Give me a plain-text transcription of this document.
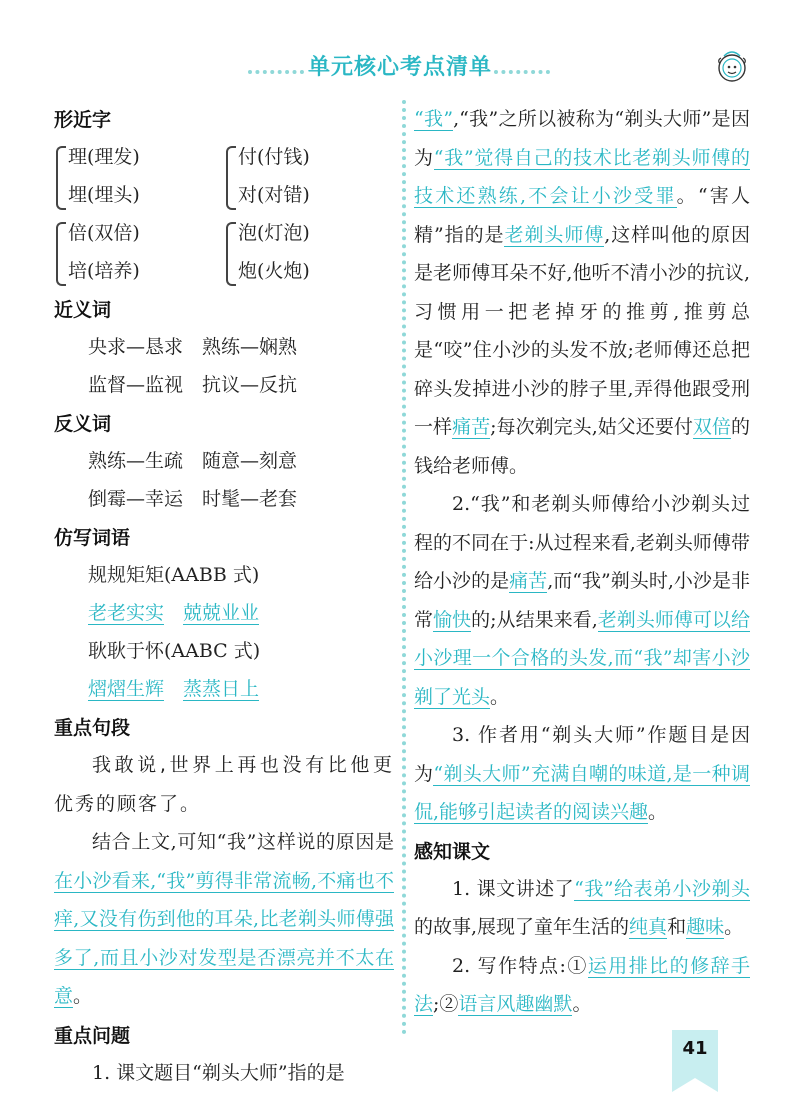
单元核心考点清单
形近字
理(理发)
埋(埋头)
付(付钱)
对(对错)
倍(双倍)
培(培养)
泡(灯泡)
炮(火炮)
近义词
央求—恳求　熟练—娴熟
监督—监视　抗议—反抗
反义词
熟练—生疏　随意—刻意
倒霉—幸运　时髦—老套
仿写词语
规规矩矩(AABB 式)
老老实实　 兢兢业业
耿耿于怀(AABC 式)
熠熠生辉　 蒸蒸日上
重点句段

我敢说,世界上再也没有比他更优秀的顾客了。

结合上文,可知“我”这样说的原因是在小沙看来,“我”剪得非常流畅,不痛也不痒,又没有伤到他的耳朵,比老剃头师傅强多了,而且小沙对发型是否漂亮并不太在意。

重点问题

1. 课文题目“剃头大师”指的是

“我”,“我”之所以被称为“剃头大师”是因为“我”觉得自己的技术比老剃头师傅的技术还熟练,不会让小沙受罪。“害人精”指的是老剃头师傅,这样叫他的原因是老师傅耳朵不好,他听不清小沙的抗议,习惯用一把老掉牙的推剪,推剪总是“咬”住小沙的头发不放;老师傅还总把碎头发掉进小沙的脖子里,弄得他跟受刑一样痛苦;每次剃完头,姑父还要付双倍的钱给老师傅。

2.“我”和老剃头师傅给小沙剃头过程的不同在于:从过程来看,老剃头师傅带给小沙的是痛苦,而“我”剃头时,小沙是非常愉快的;从结果来看,老剃头师傅可以给小沙理一个合格的头发,而“我”却害小沙剃了光头。

3. 作者用“剃头大师”作题目是因为“剃头大师”充满自嘲的味道,是一种调侃,能够引起读者的阅读兴趣。

感知课文

1. 课文讲述了“我”给表弟小沙剃头的故事,展现了童年生活的纯真和趣味。

2. 写作特点:①运用排比的修辞手法;②语言风趣幽默。

41
